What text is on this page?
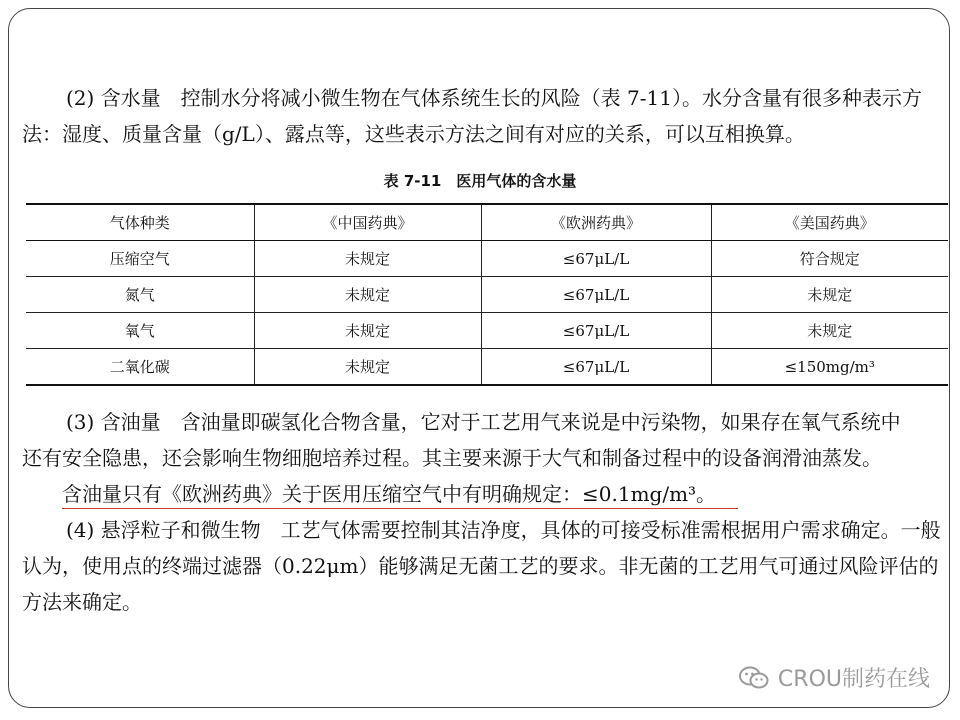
(2) 含水量　控制水分将减小微生物在气体系统生长的风险（表 7-11）。水分含量有很多种表示方法：湿度、质量含量（g/L）、露点等，这些表示方法之间有对应的关系，可以互相换算。
表 7-11　医用气体的含水量
气体种类	《中国药典》	《欧洲药典》	《美国药典》
压缩空气	未规定	≤67μL/L	符合规定
氮气	未规定	≤67μL/L	未规定
氧气	未规定	≤67μL/L	未规定
二氧化碳	未规定	≤67μL/L	≤150mg/m³
(3) 含油量　含油量即碳氢化合物含量，它对于工艺用气来说是中污染物，如果存在氧气系统中
还有安全隐患，还会影响生物细胞培养过程。其主要来源于大气和制备过程中的设备润滑油蒸发。
含油量只有《欧洲药典》关于医用压缩空气中有明确规定：≤0.1mg/m³。
(4) 悬浮粒子和微生物　工艺气体需要控制其洁净度，具体的可接受标准需根据用户需求确定。一般认为，使用点的终端过滤器（0.22μm）能够满足无菌工艺的要求。非无菌的工艺用气可通过风险评估的方法来确定。
CROU制药在线
